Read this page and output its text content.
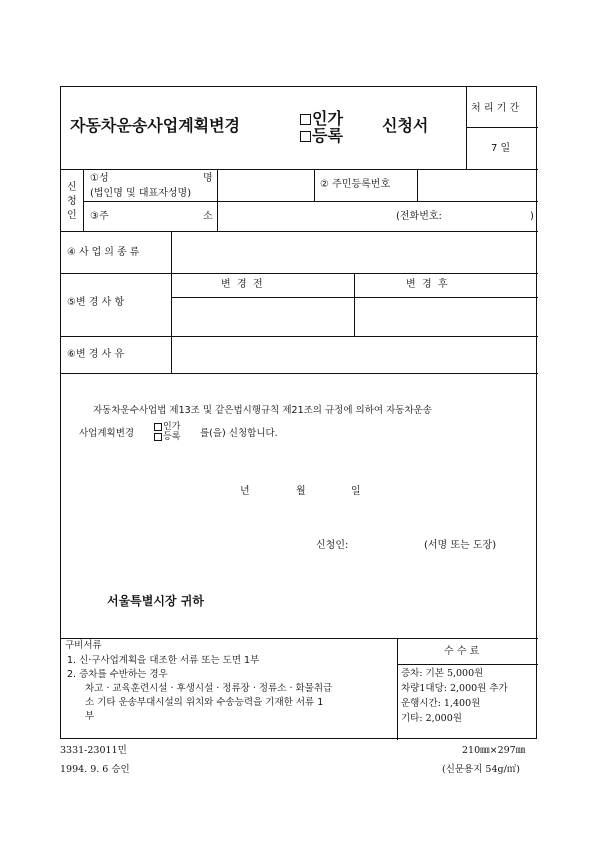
자동차운송사업계획변경	인가
등록
신청서
처 리 기 간
7 일
신
청
인
①성	명
(법인명 및 대표자성명)
② 주민등록번호
③주	소	(전화번호:	)
④사업의종류
⑤변 경 사 항
변  경  전	변  경  후
⑥변 경 사 유
자동차운수사업법 제13조 및 같은법시행규칙 제21조의 규정에 의하여 자동차운송
사업계획변경
인가
등록 를(을) 신청합니다.
년	월	일
신청인:	(서명 또는 도장)
서울특별시장 귀하
구비서류
1. 신·구사업계획을 대조한 서류 또는 도면 1부
2. 증차를 수반하는 경우
차고 · 교육훈련시설 · 후생시설 · 정류장 · 정류소 · 화물취급
소 기타 운송부대시설의 위치와 수송능력을 기재한 서류 1
부
수 수 료
증차: 기본 5,000원
차량1대당: 2,000원 추가
운행시간: 1,400원
기타: 2,000원
3331-23011민
1994. 9. 6 승인
210㎜×297㎜
(신문용지 54g/㎡)
